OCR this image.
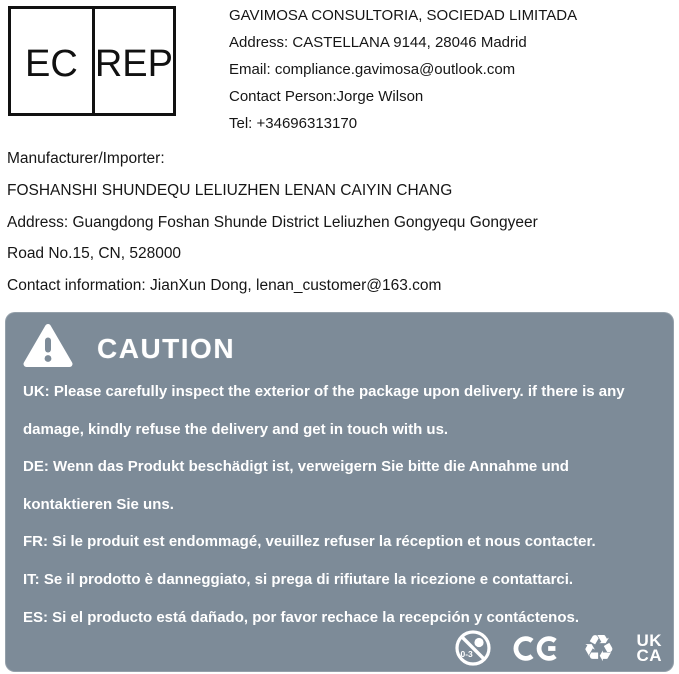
EC REP
GAVIMOSA CONSULTORIA, SOCIEDAD LIMITADA
Address: CASTELLANA 9144, 28046 Madrid
Email: compliance.gavimosa@outlook.com
Contact Person:Jorge Wilson
Tel: +34696313170
Manufacturer/Importer:
FOSHANSHI SHUNDEQU LELIUZHEN LENAN CAIYIN CHANG
Address: Guangdong Foshan Shunde District Leliuzhen Gongyequ Gongyeer
Road No.15, CN, 528000
Contact information: JianXun Dong, lenan_customer@163.com
CAUTION
UK: Please carefully inspect the exterior of the package upon delivery. if there is any
damage, kindly refuse the delivery and get in touch with us.
DE: Wenn das Produkt beschädigt ist, verweigern Sie bitte die Annahme und
kontaktieren Sie uns.
FR: Si le produit est endommagé, veuillez refuser la réception et nous contacter.
IT: Se il prodotto è danneggiato, si prega di rifiutare la ricezione e contattarci.
ES: Si el producto está dañado, por favor rechace la recepción y contáctenos.
0-3	♻ UK
CA
